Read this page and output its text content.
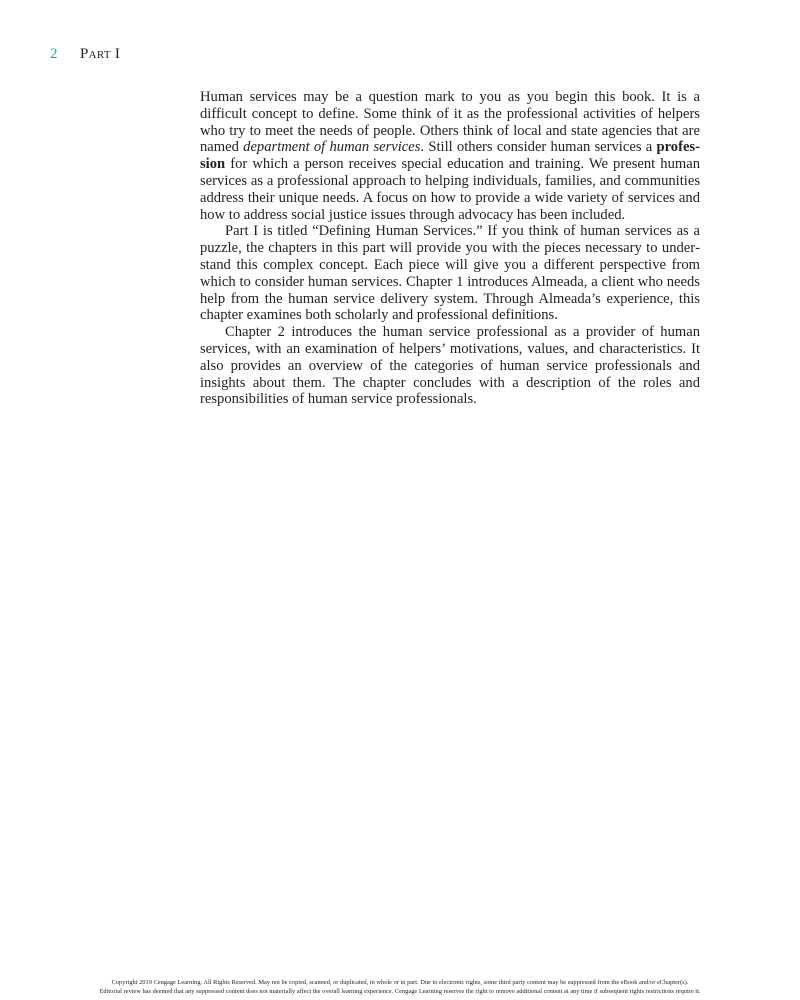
2	Part I

Human services may be a question mark to you as you begin this book. It is a difficult concept to define. Some think of it as the professional activities of helpers who try to meet the needs of people. Others think of local and state agencies that are named department of human services. Still others consider human services a profession for which a person receives special education and training. We present human services as a professional approach to helping individuals, families, and communities address their unique needs. A focus on how to provide a wide variety of services and how to address social justice issues through advocacy has been included.

Part I is titled “Defining Human Services.” If you think of human services as a puzzle, the chapters in this part will provide you with the pieces necessary to understand this complex concept. Each piece will give you a different perspective from which to consider human services. Chapter 1 introduces Almeada, a client who needs help from the human service delivery system. Through Almeada’s experience, this chapter examines both scholarly and professional definitions.

Chapter 2 introduces the human service professional as a provider of human services, with an examination of helpers’ motivations, values, and characteristics. It also provides an overview of the categories of human service professionals and insights about them. The chapter concludes with a description of the roles and responsibilities of human service professionals.

Copyright 2019 Cengage Learning. All Rights Reserved. May not be copied, scanned, or duplicated, in whole or in part. Due to electronic rights, some third party content may be suppressed from the eBook and/or eChapter(s).
Editorial review has deemed that any suppressed content does not materially affect the overall learning experience. Cengage Learning reserves the right to remove additional content at any time if subsequent rights restrictions require it.
